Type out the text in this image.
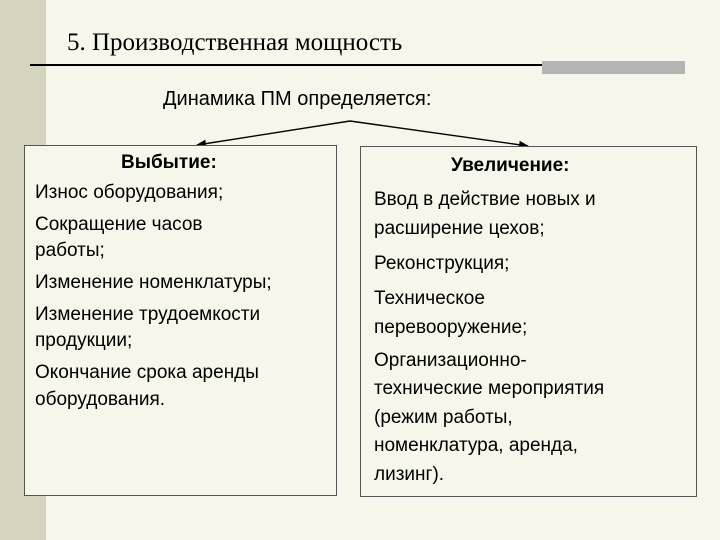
5. Производственная мощность
Динамика ПМ определяется:
Выбытие:
Износ оборудования;
Сокращение часов
работы;
Изменение номенклатуры;
Изменение трудоемкости
продукции;
Окончание срока аренды
оборудования.
Увеличение:
Ввод в действие новых и
расширение цехов;
Реконструкция;
Техническое
перевооружение;
Организационно-
технические мероприятия
(режим работы,
номенклатура, аренда,
лизинг).
